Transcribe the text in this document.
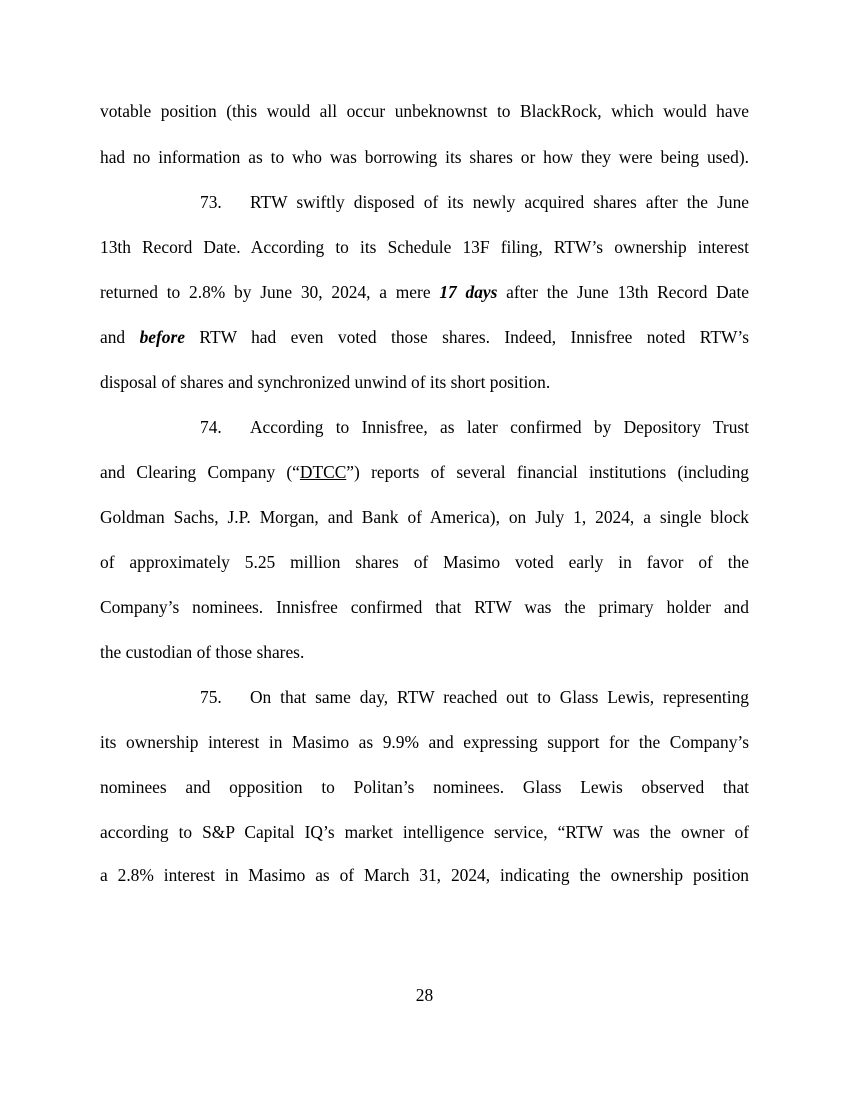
votable position (this would all occur unbeknownst to BlackRock, which would have
had no information as to who was borrowing its shares or how they were being used).
73. RTW swiftly disposed of its newly acquired shares after the June
13th Record Date. According to its Schedule 13F filing, RTW’s ownership interest
returned to 2.8% by June 30, 2024, a mere 17 days after the June 13th Record Date
and before RTW had even voted those shares. Indeed, Innisfree noted RTW’s
disposal of shares and synchronized unwind of its short position.
74. According to Innisfree, as later confirmed by Depository Trust
and Clearing Company (“DTCC”) reports of several financial institutions (including
Goldman Sachs, J.P. Morgan, and Bank of America), on July 1, 2024, a single block
of approximately 5.25 million shares of Masimo voted early in favor of the
Company’s nominees. Innisfree confirmed that RTW was the primary holder and
the custodian of those shares.
75. On that same day, RTW reached out to Glass Lewis, representing
its ownership interest in Masimo as 9.9% and expressing support for the Company’s
nominees and opposition to Politan’s nominees. Glass Lewis observed that
according to S&P Capital IQ’s market intelligence service, “RTW was the owner of
a 2.8% interest in Masimo as of March 31, 2024, indicating the ownership position
28
